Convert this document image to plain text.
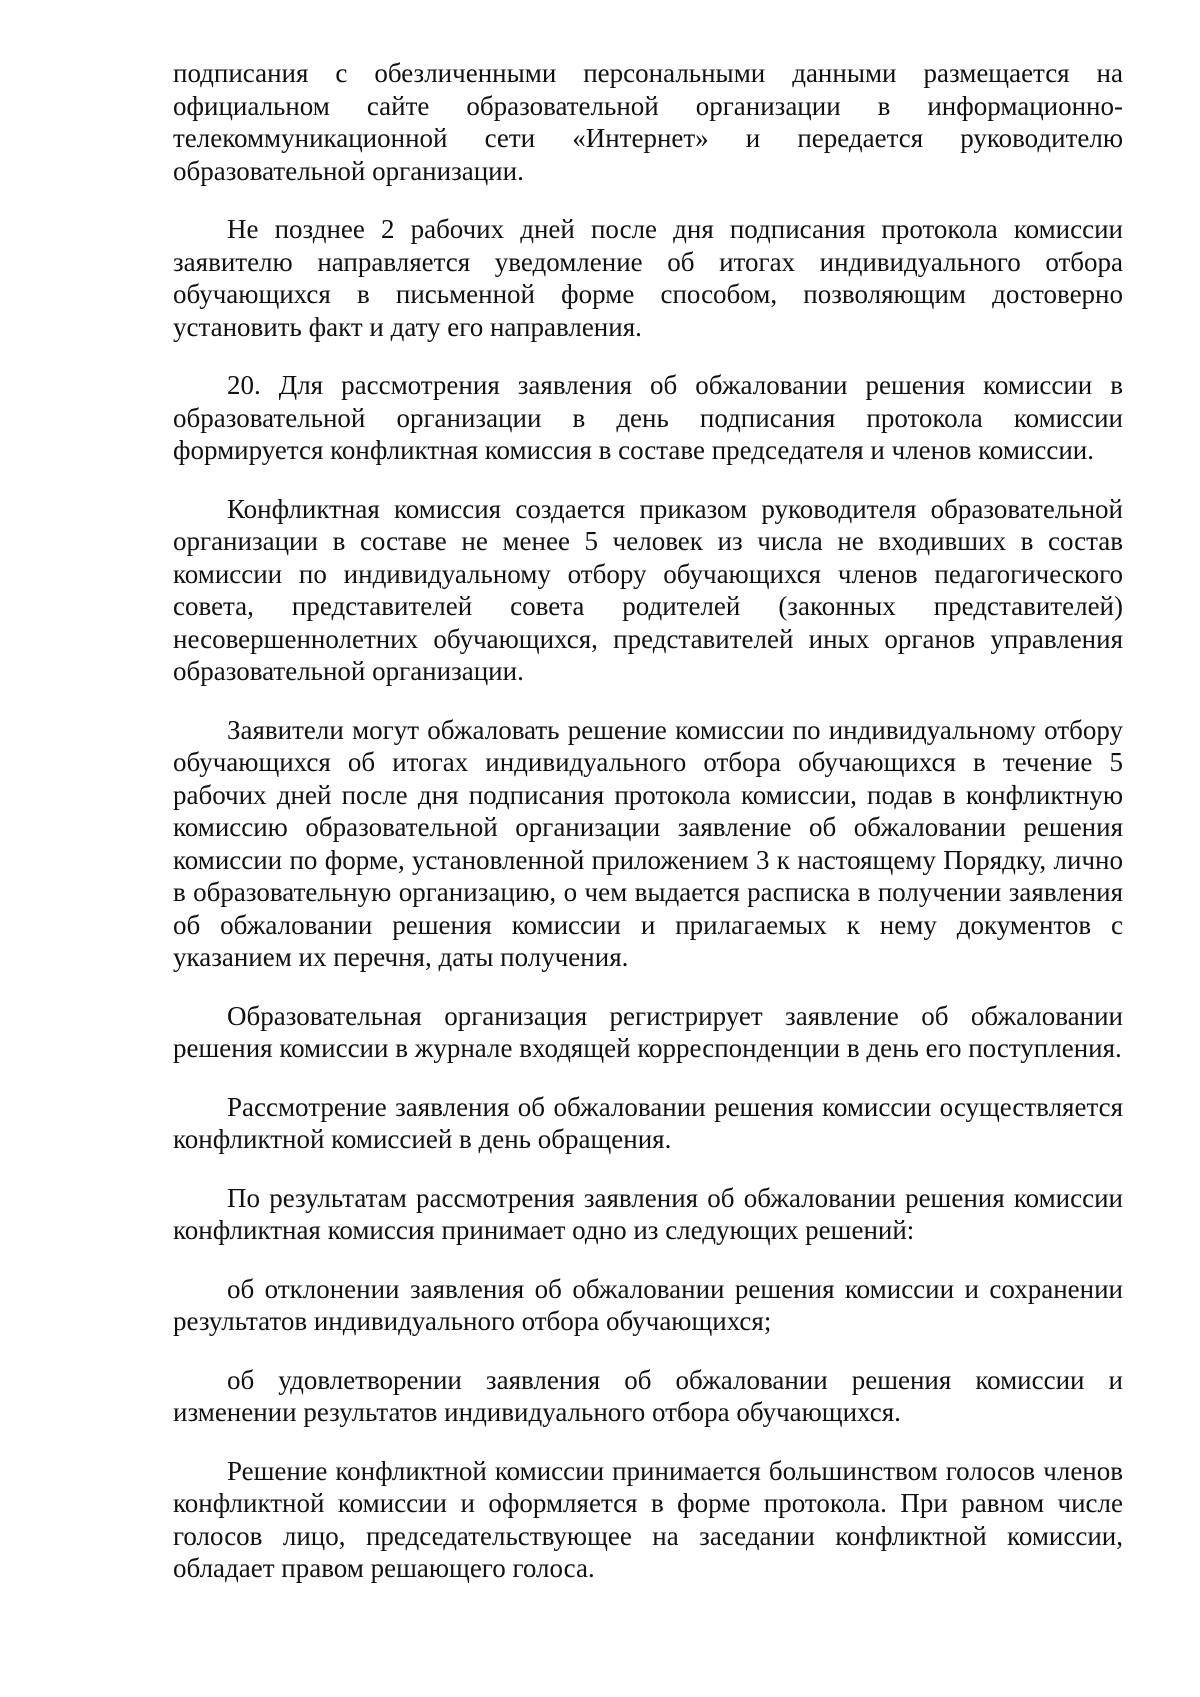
подписания с обезличенными персональными данными размещается на официальном сайте образовательной организации в информационно-телекоммуникационной сети «Интернет» и передается руководителю образовательной организации.

Не позднее 2 рабочих дней после дня подписания протокола комиссии заявителю направляется уведомление об итогах индивидуального отбора обучающихся в письменной форме способом, позволяющим достоверно установить факт и дату его направления.

20. Для рассмотрения заявления об обжаловании решения комиссии в образовательной организации в день подписания протокола комиссии формируется конфликтная комиссия в составе председателя и членов комиссии.

Конфликтная комиссия создается приказом руководителя образовательной организации в составе не менее 5 человек из числа не входивших в состав комиссии по индивидуальному отбору обучающихся членов педагогического совета, представителей совета родителей (законных представителей) несовершеннолетних обучающихся, представителей иных органов управления образовательной организации.

Заявители могут обжаловать решение комиссии по индивидуальному отбору обучающихся об итогах индивидуального отбора обучающихся в течение 5 рабочих дней после дня подписания протокола комиссии, подав в конфликтную комиссию образовательной организации заявление об обжаловании решения комиссии по форме, установленной приложением 3 к настоящему Порядку, лично в образовательную организацию, о чем выдается расписка в получении заявления об обжаловании решения комиссии и прилагаемых к нему документов с указанием их перечня, даты получения.

Образовательная организация регистрирует заявление об обжаловании решения комиссии в журнале входящей корреспонденции в день его поступления.

Рассмотрение заявления об обжаловании решения комиссии осуществляется конфликтной комиссией в день обращения.

По результатам рассмотрения заявления об обжаловании решения комиссии конфликтная комиссия принимает одно из следующих решений:

об отклонении заявления об обжаловании решения комиссии и сохранении результатов индивидуального отбора обучающихся;

об удовлетворении заявления об обжаловании решения комиссии и изменении результатов индивидуального отбора обучающихся.

Решение конфликтной комиссии принимается большинством голосов членов конфликтной комиссии и оформляется в форме протокола. При равном числе голосов лицо, председательствующее на заседании конфликтной комиссии, обладает правом решающего голоса.
